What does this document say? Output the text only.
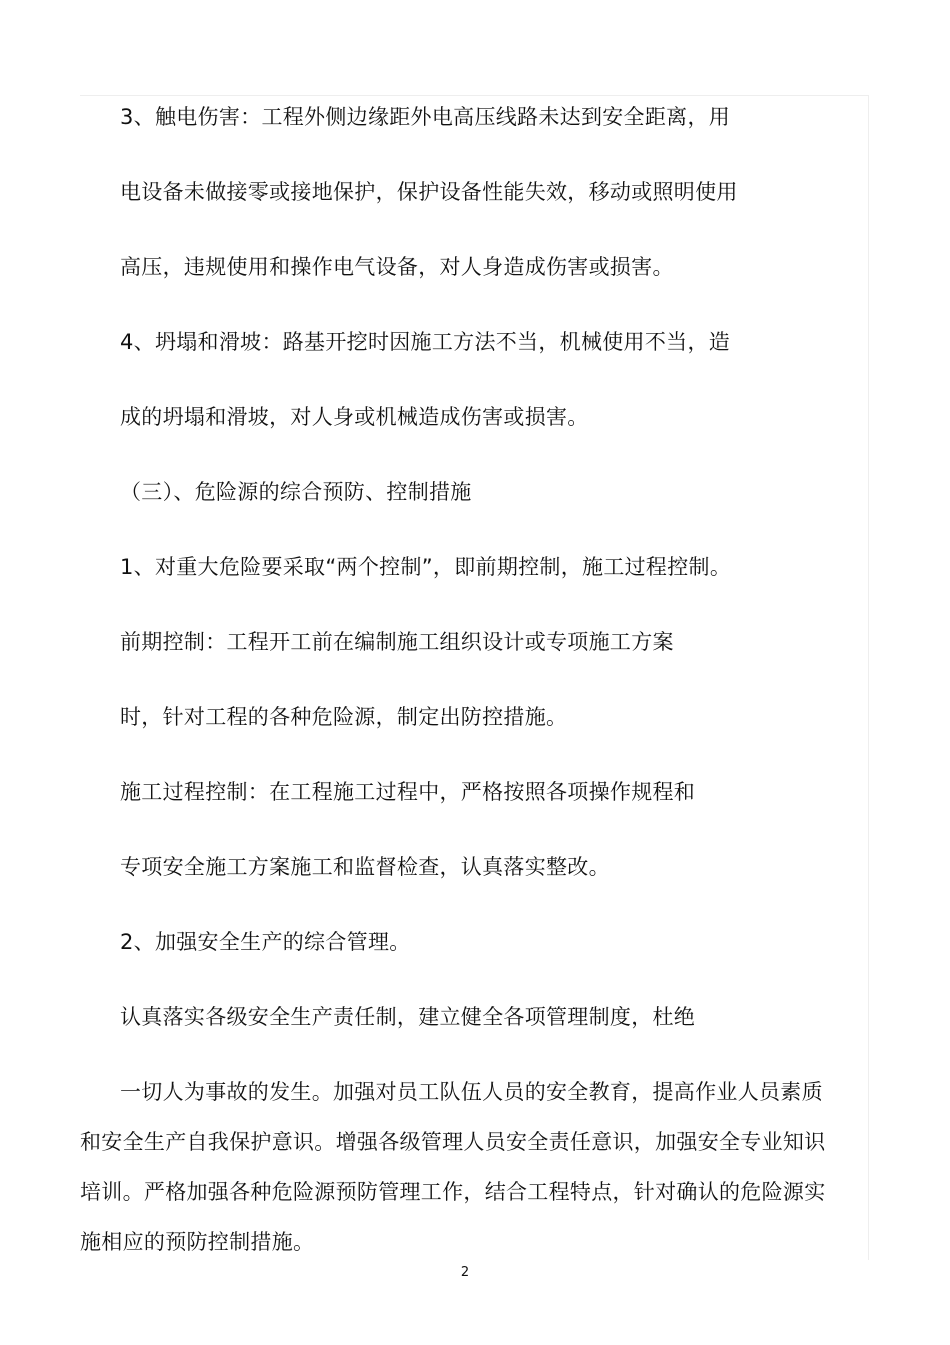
3、触电伤害：工程外侧边缘距外电高压线路未达到安全距离，用
电设备未做接零或接地保护，保护设备性能失效，移动或照明使用
高压，违规使用和操作电气设备，对人身造成伤害或损害。
4、坍塌和滑坡：路基开挖时因施工方法不当，机械使用不当，造
成的坍塌和滑坡，对人身或机械造成伤害或损害。
（三）、危险源的综合预防、控制措施
1、对重大危险要采取“两个控制”，即前期控制，施工过程控制。
前期控制：工程开工前在编制施工组织设计或专项施工方案
时，针对工程的各种危险源，制定出防控措施。
施工过程控制：在工程施工过程中，严格按照各项操作规程和
专项安全施工方案施工和监督检查，认真落实整改。
2、加强安全生产的综合管理。
认真落实各级安全生产责任制，建立健全各项管理制度，杜绝
一切人为事故的发生。加强对员工队伍人员的安全教育，提高作业人员素质
和安全生产自我保护意识。增强各级管理人员安全责任意识，加强安全专业知识
培训。严格加强各种危险源预防管理工作，结合工程特点，针对确认的危险源实
施相应的预防控制措施。
2
